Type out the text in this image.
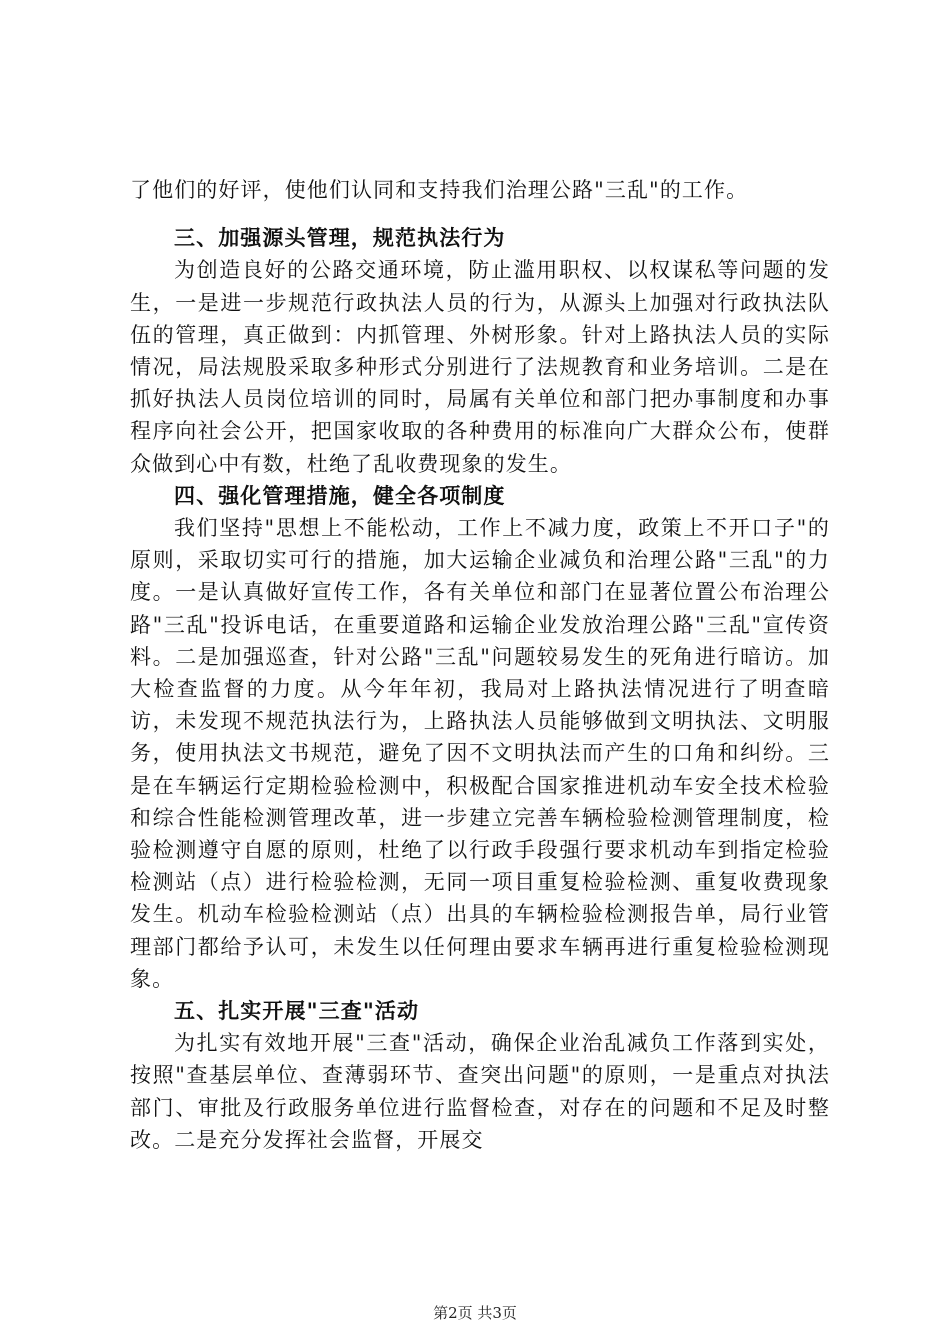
了他们的好评，使他们认同和支持我们治理公路"三乱"的工作。

三、加强源头管理，规范执法行为

为创造良好的公路交通环境，防止滥用职权、以权谋私等问题的发生，一是进一步规范行政执法人员的行为，从源头上加强对行政执法队伍的管理，真正做到：内抓管理、外树形象。针对上路执法人员的实际情况，局法规股采取多种形式分别进行了法规教育和业务培训。二是在抓好执法人员岗位培训的同时，局属有关单位和部门把办事制度和办事程序向社会公开，把国家收取的各种费用的标准向广大群众公布，使群众做到心中有数，杜绝了乱收费现象的发生。

四、强化管理措施，健全各项制度

我们坚持"思想上不能松动，工作上不减力度，政策上不开口子"的原则，采取切实可行的措施，加大运输企业减负和治理公路"三乱"的力度。一是认真做好宣传工作，各有关单位和部门在显著位置公布治理公路"三乱"投诉电话，在重要道路和运输企业发放治理公路"三乱"宣传资料。二是加强巡查，针对公路"三乱"问题较易发生的死角进行暗访。加大检查监督的力度。从今年年初，我局对上路执法情况进行了明查暗访，未发现不规范执法行为，上路执法人员能够做到文明执法、文明服务，使用执法文书规范，避免了因不文明执法而产生的口角和纠纷。三是在车辆运行定期检验检测中，积极配合国家推进机动车安全技术检验和综合性能检测管理改革，进一步建立完善车辆检验检测管理制度，检验检测遵守自愿的原则，杜绝了以行政手段强行要求机动车到指定检验检测站（点）进行检验检测，无同一项目重复检验检测、重复收费现象发生。机动车检验检测站（点）出具的车辆检验检测报告单，局行业管理部门都给予认可，未发生以任何理由要求车辆再进行重复检验检测现象。

五、扎实开展"三查"活动

为扎实有效地开展"三查"活动，确保企业治乱减负工作落到实处，按照"查基层单位、查薄弱环节、查突出问题"的原则，一是重点对执法部门、审批及行政服务单位进行监督检查，对存在的问题和不足及时整改。二是充分发挥社会监督，开展交

第2页 共3页
